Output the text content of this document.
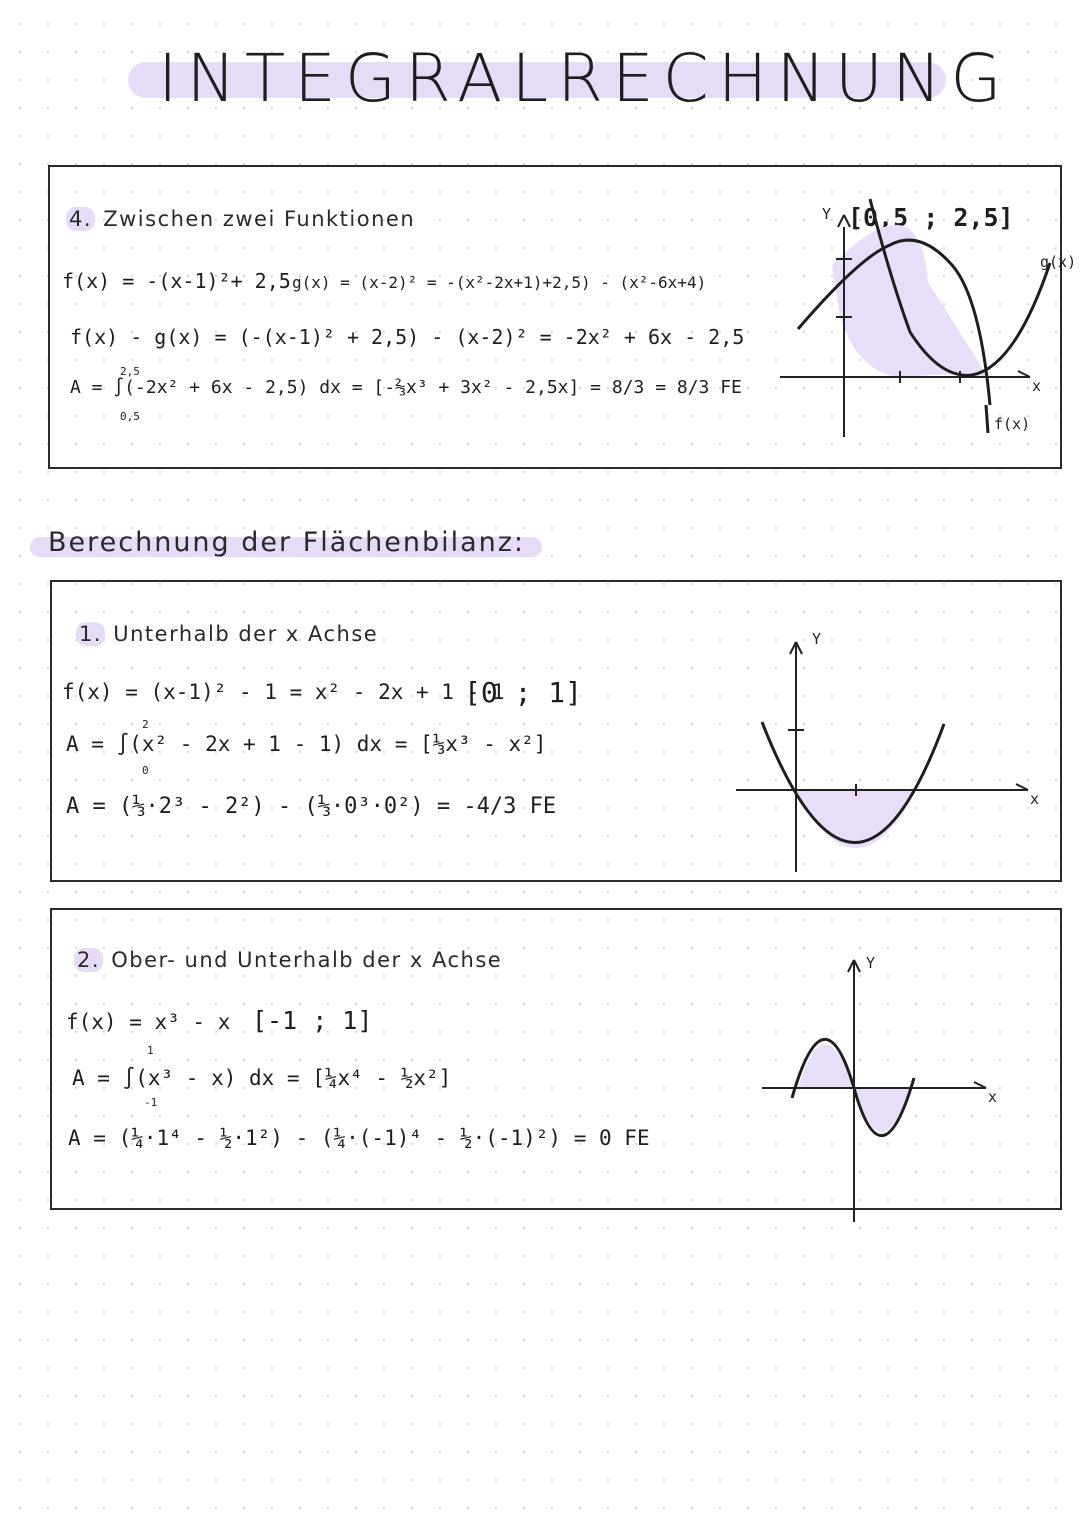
INTEGRALRECHNUNG
4. Zwischen zwei Funktionen
f(x) = -(x-1)²+ 2,5 g(x) = (x-2)² = -(x²-2x+1)+2,5) - (x²-6x+4)
f(x) - g(x) = (-(x-1)² + 2,5) - (x-2)² = -2x² + 6x - 2,5
2,5
A = ∫(-2x² + 6x - 2,5) dx = [-⅔x³ + 3x² - 2,5x] = 8/3 = 8/3 FE
0,5
[0,5 ; 2,5]
Y
x
f(x)
g(x)
Berechnung der Flächenbilanz:
1. Unterhalb der x Achse
f(x) = (x-1)² - 1 = x² - 2x + 1 - 1
[0 ; 1]
2
A = ∫(x² - 2x + 1 - 1) dx = [⅓x³ - x²]
0
A = (⅓·2³ - 2²) - (⅓·0³·0²) = -4/3 FE
Y
x
2. Ober- und Unterhalb der x Achse
f(x) = x³ - x [-1 ; 1]
1
A = ∫(x³ - x) dx = [¼x⁴ - ½x²]
-1
A = (¼·1⁴ - ½·1²) - (¼·(-1)⁴ - ½·(-1)²) = 0 FE
Y
x
